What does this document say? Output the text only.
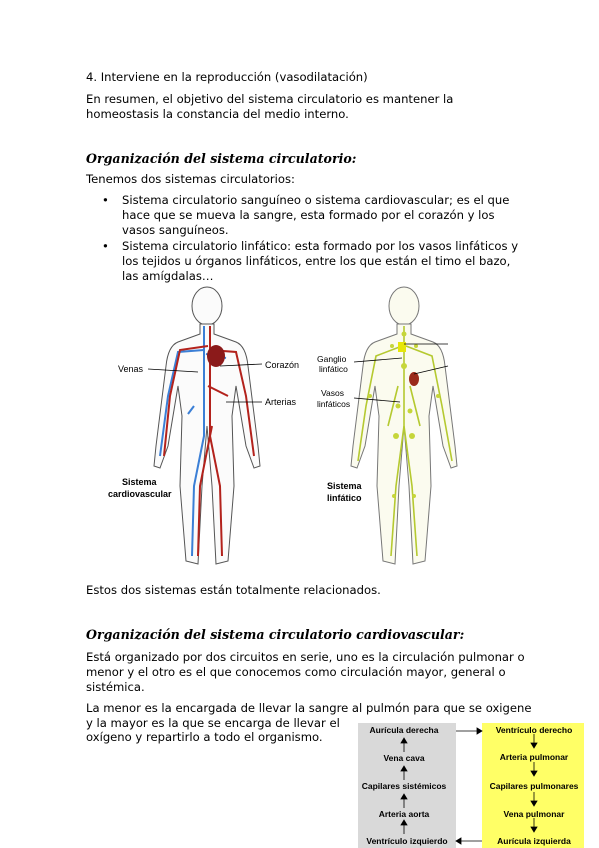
4. Interviene en la reproducción (vasodilatación)

En resumen, el objetivo del sistema circulatorio es mantener la homeostasis la constancia del medio interno.

Organización del sistema circulatorio:

Tenemos dos sistemas circulatorios:

• Sistema circulatorio sanguíneo o sistema cardiovascular; es el que hace que se mueva la sangre, esta formado por el corazón y los vasos sanguíneos.
• Sistema circulatorio linfático: esta formado por los vasos linfáticos y los tejidos u órganos linfáticos, entre los que están el timo el bazo, las amígdalas…
Venas	Corazón
Arterias
Sistema
cardiovascular
Ganglio
linfático
Vasos
linfáticos
Sistema
linfático

Estos dos sistemas están totalmente relacionados.

Organización del sistema circulatorio cardiovascular:

Está organizado por dos circuitos en serie, uno es la circulación pulmonar o menor y el otro es el que conocemos como circulación mayor, general o sistémica.

La menor es la encargada de llevar la sangre al pulmón para que se oxigene

y la mayor es la que se encarga de llevar el

oxígeno y repartirlo a todo el organismo.	Aurícula derecha
Vena cava
Capilares sistémicos
Arteria aorta
Ventrículo izquierdo
Ventrículo derecho
Arteria pulmonar
Capilares pulmonares
Vena pulmonar
Aurícula izquierda
